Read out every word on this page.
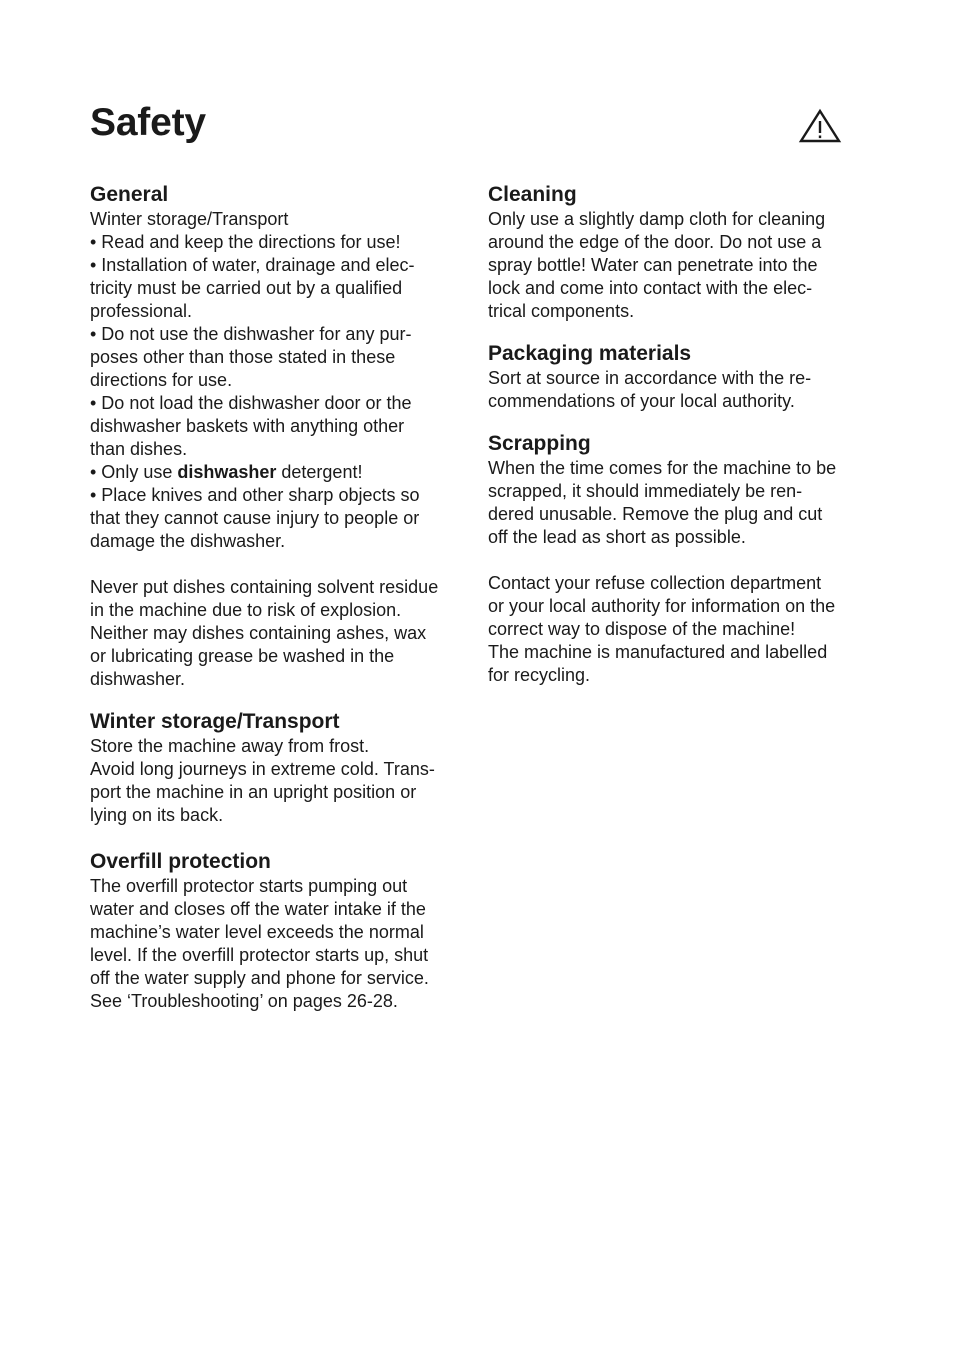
Safety
General
Winter storage/Transport
• Read and keep the directions for use!
• Installation of water, drainage and elec-
tricity must be carried out by a qualified
professional.
• Do not use the dishwasher for any pur-
poses other than those stated in these
directions for use.
• Do not load the dishwasher door or the
dishwasher baskets with anything other
than dishes.
• Only use dishwasher detergent!
• Place knives and other sharp objects so
that they cannot cause injury to people or
damage the dishwasher.
Never put dishes containing solvent residue
in the machine due to risk of explosion.
Neither may dishes containing ashes, wax
or lubricating grease be washed in the
dishwasher.
Winter storage/Transport
Store the machine away from frost.
Avoid long journeys in extreme cold. Trans-
port the machine in an upright position or
lying on its back.
Overfill protection
The overfill protector starts pumping out
water and closes off the water intake if the
machine’s water level exceeds the normal
level. If the overfill protector starts up, shut
off the water supply and phone for service.
See ‘Troubleshooting’ on pages 26-28.
Cleaning
Only use a slightly damp cloth for cleaning
around the edge of the door. Do not use a
spray bottle! Water can penetrate into the
lock and come into contact with the elec-
trical components.
Packaging materials
Sort at source in accordance with the re-
commendations of your local authority.
Scrapping
When the time comes for the machine to be
scrapped, it should immediately be ren-
dered unusable. Remove the plug and cut
off the lead as short as possible.
Contact your refuse collection department
or your local authority for information on the
correct way to dispose of the machine!
The machine is manufactured and labelled
for recycling.
